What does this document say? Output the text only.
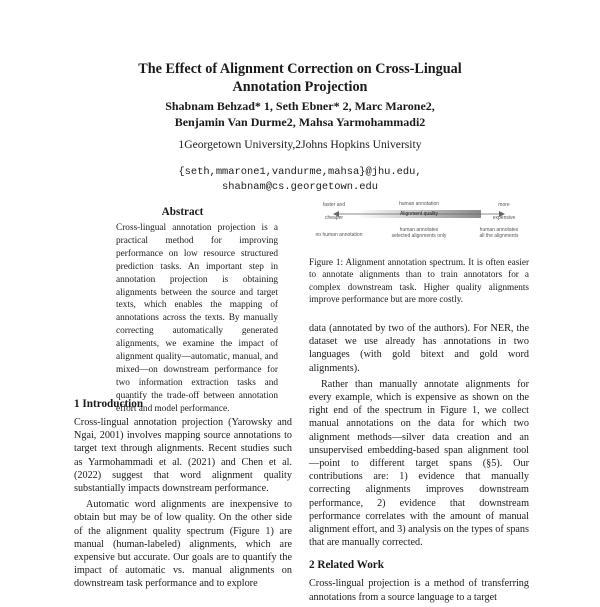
The Effect of Alignment Correction on Cross-Lingual
Annotation Projection
Shabnam Behzad* 1, Seth Ebner* 2, Marc Marone2,
Benjamin Van Durme2, Mahsa Yarmohammadi2
1Georgetown University,2Johns Hopkins University
{seth,mmarone1,vandurme,mahsa}@jhu.edu,
shabnam@cs.georgetown.edu
Abstract
Cross-lingual annotation projection is a practical method for improving performance on low resource structured prediction tasks. An important step in annotation projection is obtaining alignments between the source and target texts, which enables the mapping of annotations across the texts. By manually correcting automatically generated alignments, we examine the impact of alignment quality—automatic, manual, and mixed—on downstream performance for two information extraction tasks and quantify the trade-off between annotation effort and model performance.
1 Introduction
Cross-lingual annotation projection (Yarowsky and Ngai, 2001) involves mapping source annotations to target text through alignments. Recent studies such as Yarmohammadi et al. (2021) and Chen et al. (2022) suggest that word alignment quality substantially impacts downstream performance.
Automatic word alignments are inexpensive to obtain but may be of low quality. On the other side of the alignment quality spectrum (Figure 1) are manual (human-labeled) alignments, which are expensive but accurate. Our goals are to quantify the impact of automatic vs. manual alignments on downstream task performance and to explore
faster and
cheaper
no human annotation
human annotation
Alignment quality
human annotates
selected alignments only
more
expensive
human annotates
all the alignments
Figure 1: Alignment annotation spectrum. It is often easier to annotate alignments than to train annotators for a complex downstream task. Higher quality alignments improve performance but are more costly.
data (annotated by two of the authors). For NER, the dataset we use already has annotations in two languages (with gold bitext and gold word alignments).
Rather than manually annotate alignments for every example, which is expensive as shown on the right end of the spectrum in Figure 1, we collect manual annotations on the data for which two alignment methods—silver data creation and an unsupervised embedding-based span alignment tool—point to different target spans (§5). Our contributions are: 1) evidence that manually correcting alignments improves downstream performance, 2) evidence that downstream performance correlates with the amount of manual alignment effort, and 3) analysis on the types of spans that are manually corrected.
2 Related Work
Cross-lingual projection is a method of transferring annotations from a source language to a target
